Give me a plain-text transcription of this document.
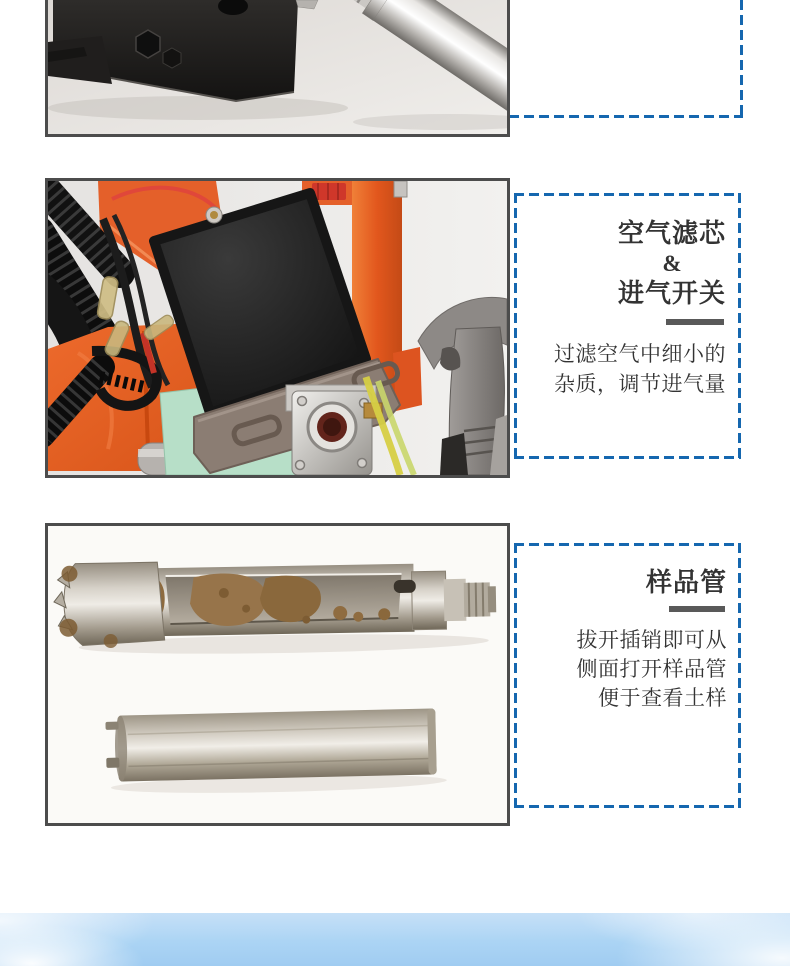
空气滤芯
&
进气开关
过滤空气中细小的
杂质，调节进气量
样品管
拔开插销即可从
侧面打开样品管
便于查看土样
